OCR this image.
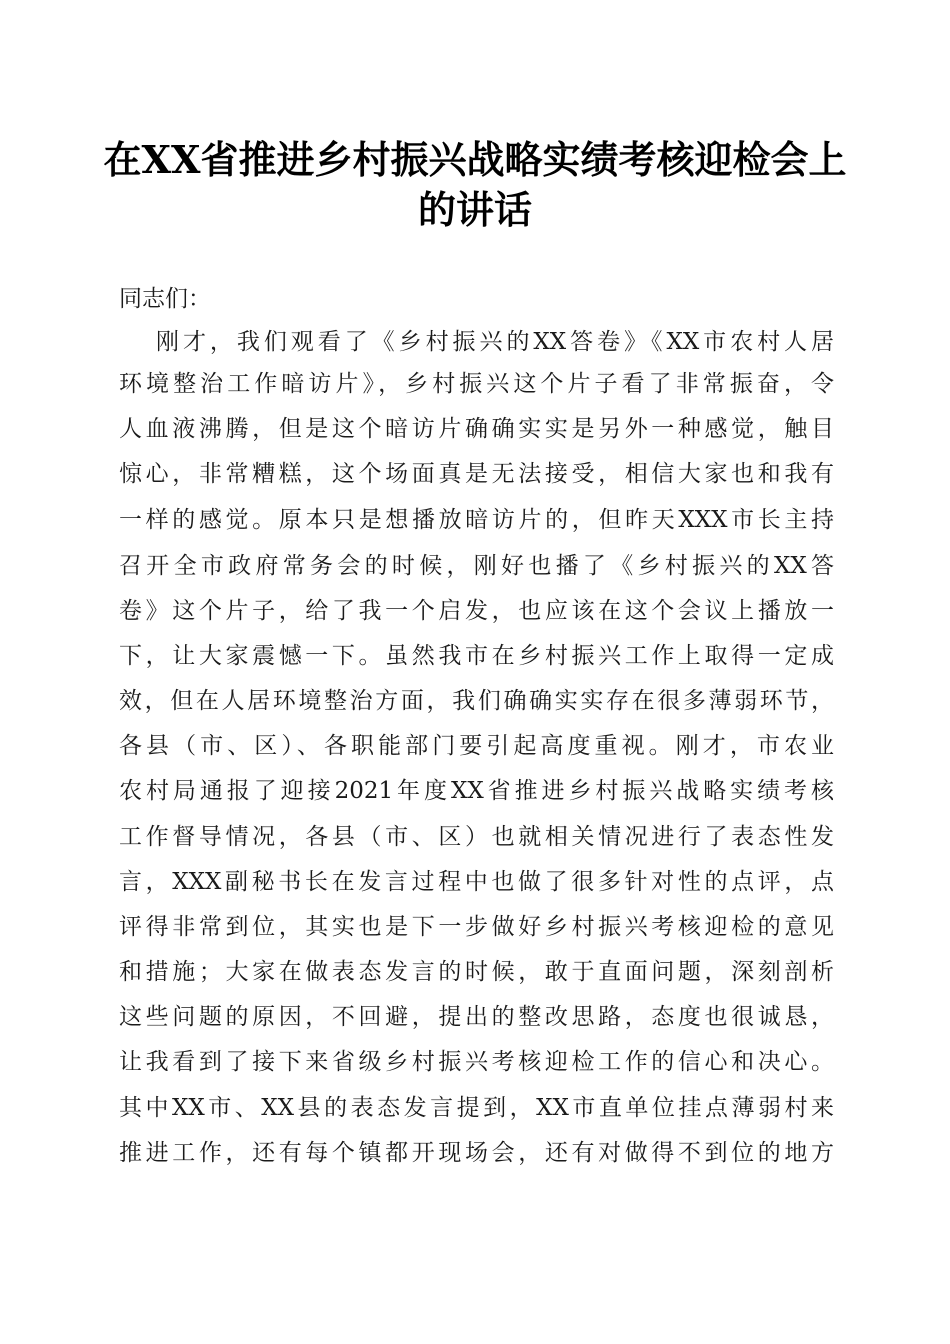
在XX省推进乡村振兴战略实绩考核迎检会上
的讲话
同志们：
刚才，我们观看了《乡村振兴的XX答卷》《XX市农村人居
环境整治工作暗访片》，乡村振兴这个片子看了非常振奋，令
人血液沸腾，但是这个暗访片确确实实是另外一种感觉，触目
惊心，非常糟糕，这个场面真是无法接受，相信大家也和我有
一样的感觉。原本只是想播放暗访片的，但昨天XXX市长主持
召开全市政府常务会的时候，刚好也播了《乡村振兴的XX答
卷》这个片子，给了我一个启发，也应该在这个会议上播放一
下，让大家震憾一下。虽然我市在乡村振兴工作上取得一定成
效，但在人居环境整治方面，我们确确实实存在很多薄弱环节，
各县（市、区）、各职能部门要引起高度重视。刚才，市农业
农村局通报了迎接2021年度XX省推进乡村振兴战略实绩考核
工作督导情况，各县（市、区）也就相关情况进行了表态性发
言，XXX副秘书长在发言过程中也做了很多针对性的点评，点
评得非常到位，其实也是下一步做好乡村振兴考核迎检的意见
和措施；大家在做表态发言的时候，敢于直面问题，深刻剖析
这些问题的原因，不回避，提出的整改思路，态度也很诚恳，
让我看到了接下来省级乡村振兴考核迎检工作的信心和决心。
其中XX市、XX县的表态发言提到，XX市直单位挂点薄弱村来
推进工作，还有每个镇都开现场会，还有对做得不到位的地方
